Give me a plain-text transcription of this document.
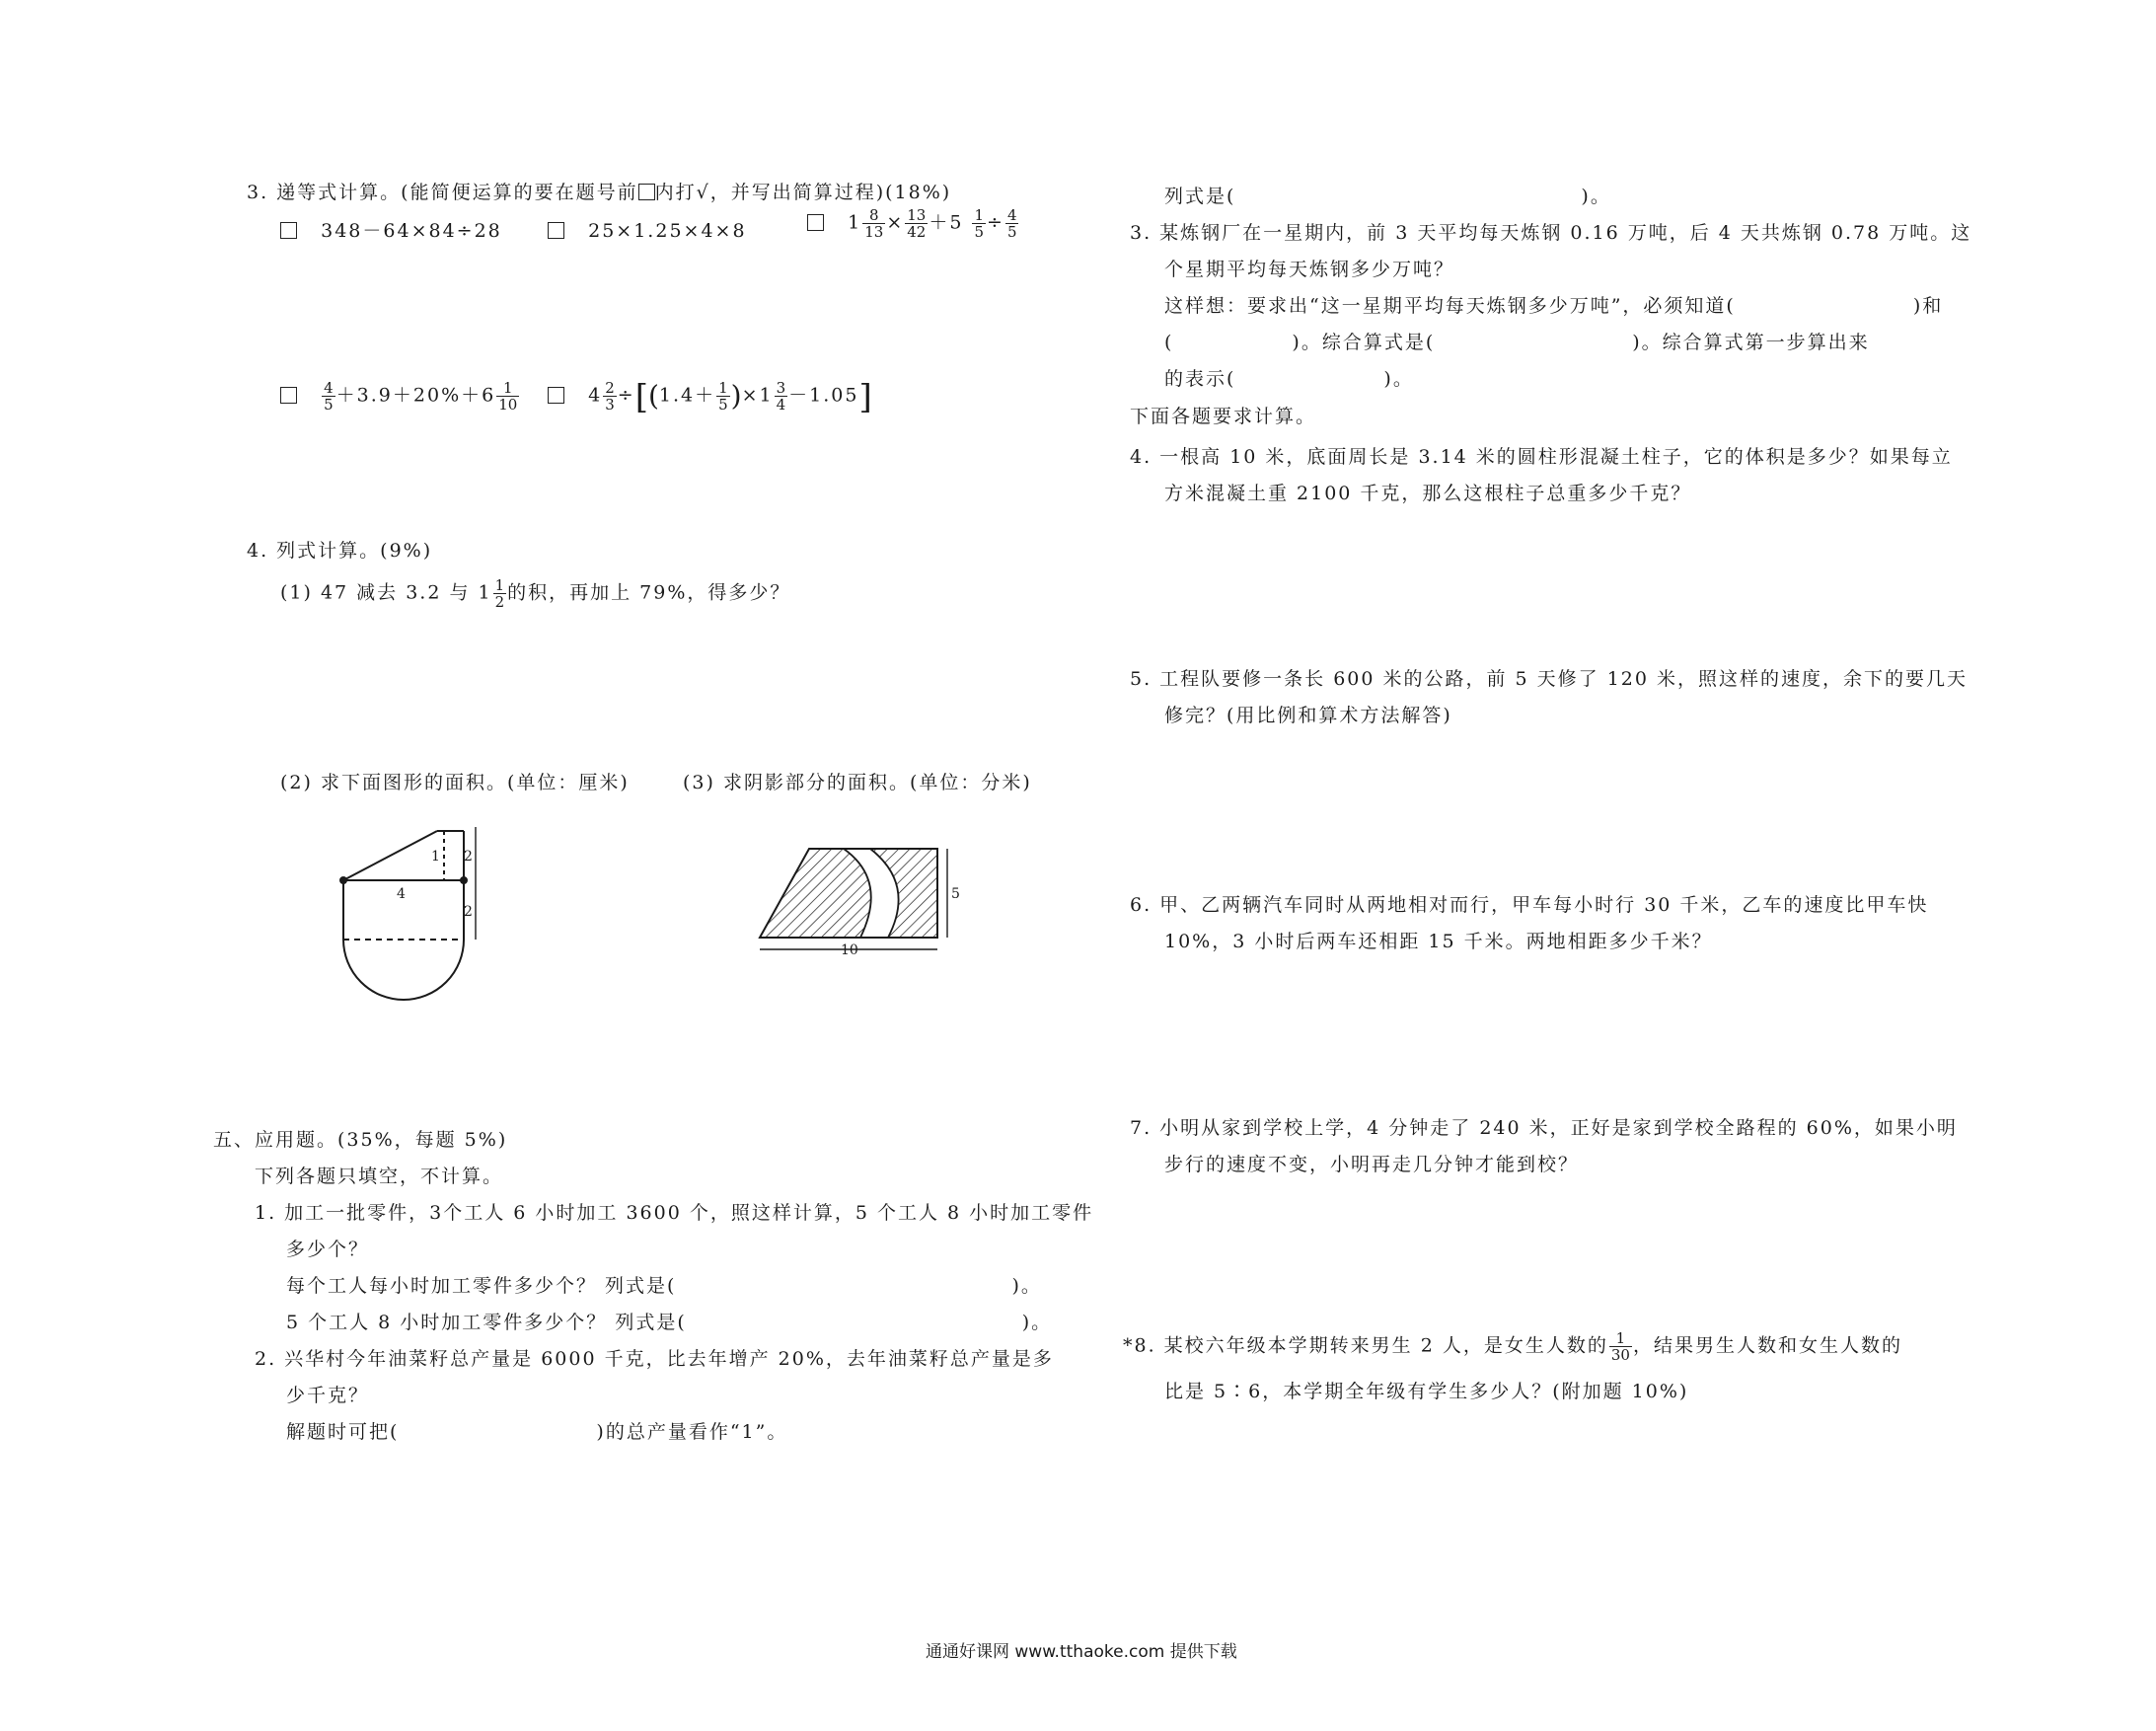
3. 递等式计算。(能简便运算的要在题号前 内打√，并写出简算过程)(18%)
348－64×84÷28	25×1.25×4×8	$1 \frac{8}{13} \times \frac{13}{42} +5 \frac{1}{5} \div \frac{4}{5}$

$\frac{4}{5} +3.9+20\%+6 \frac{1}{10}$	$4 \frac{2}{3} \div[(1.4+ \frac{1}{5} )\times 1 \frac{3}{4} -1.05]$
4. 列式计算。(9%)
(1) 47 减去 3.2 与 $1 \frac{1}{2}$ 的积，再加上 79%，得多少？
(2) 求下面图形的面积。(单位：厘米)	(3) 求阴影部分的面积。(单位：分米)
4
1 2
2
10
5
五、应用题。(35%，每题 5%)
下列各题只填空，不计算。
1. 加工一批零件，3个工人 6 小时加工 3600 个，照这样计算，5 个工人 8 小时加工零件
多少个？
每个工人每小时加工零件多少个？ 列式是(	)。
5 个工人 8 小时加工零件多少个？ 列式是(	)。
2. 兴华村今年油菜籽总产量是 6000 千克，比去年增产 20%，去年油菜籽总产量是多
少千克？
解题时可把(	)的总产量看作“1”。
列式是(	)。
3. 某炼钢厂在一星期内，前 3 天平均每天炼钢 0.16 万吨，后 4 天共炼钢 0.78 万吨。这
个星期平均每天炼钢多少万吨？
这样想：要求出“这一星期平均每天炼钢多少万吨”，必须知道(	)和
(	)。综合算式是(	)。综合算式第一步算出来
的表示(	)。
下面各题要求计算。
4. 一根高 10 米，底面周长是 3.14 米的圆柱形混凝土柱子，它的体积是多少？如果每立
方米混凝土重 2100 千克，那么这根柱子总重多少千克？
5. 工程队要修一条长 600 米的公路，前 5 天修了 120 米，照这样的速度，余下的要几天
修完？(用比例和算术方法解答)
6. 甲、乙两辆汽车同时从两地相对而行，甲车每小时行 30 千米，乙车的速度比甲车快
10%，3 小时后两车还相距 15 千米。两地相距多少千米？
7. 小明从家到学校上学，4 分钟走了 240 米，正好是家到学校全路程的 60%，如果小明
步行的速度不变，小明再走几分钟才能到校？
*8. 某校六年级本学期转来男生 2 人，是女生人数的 $\frac{1}{30}$ ，结果男生人数和女生人数的
比是 5∶6，本学期全年级有学生多少人？(附加题 10%)
通通好课网 www.tthaoke.com 提供下载
